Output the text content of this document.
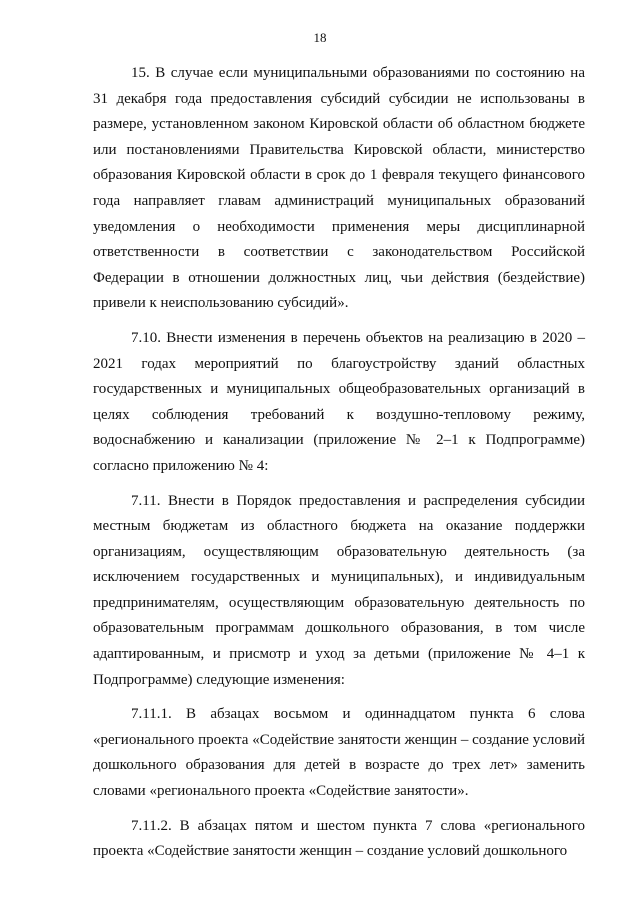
18

15. В случае если муниципальными образованиями по состоянию на 31 декабря года предоставления субсидий субсидии не использованы в размере, установленном законом Кировской области об областном бюджете или постановлениями Правительства Кировской области, министерство образования Кировской области в срок до 1 февраля текущего финансового года направляет главам администраций муниципальных образований уведомления о необходимости применения меры дисциплинарной ответственности в соответствии с законодательством Российской Федерации в отношении должностных лиц, чьи действия (бездействие) привели к неиспользованию субсидий».

7.10. Внести изменения в перечень объектов на реализацию в 2020 – 2021 годах мероприятий по благоустройству зданий областных государственных и муниципальных общеобразовательных организаций в целях соблюдения требований к воздушно-тепловому режиму, водоснабжению и канализации (приложение № 2–1 к Подпрограмме) согласно приложению № 4:

7.11. Внести в Порядок предоставления и распределения субсидии местным бюджетам из областного бюджета на оказание поддержки организациям, осуществляющим образовательную деятельность (за исключением государственных и муниципальных), и индивидуальным предпринимателям, осуществляющим образовательную деятельность по образовательным программам дошкольного образования, в том числе адаптированным, и присмотр и уход за детьми (приложение № 4–1 к Подпрограмме) следующие изменения:

7.11.1. В абзацах восьмом и одиннадцатом пункта 6 слова «регионального проекта «Содействие занятости женщин – создание условий дошкольного образования для детей в возрасте до трех лет» заменить словами «регионального проекта «Содействие занятости».

7.11.2. В абзацах пятом и шестом пункта 7 слова «регионального проекта «Содействие занятости женщин – создание условий дошкольного
